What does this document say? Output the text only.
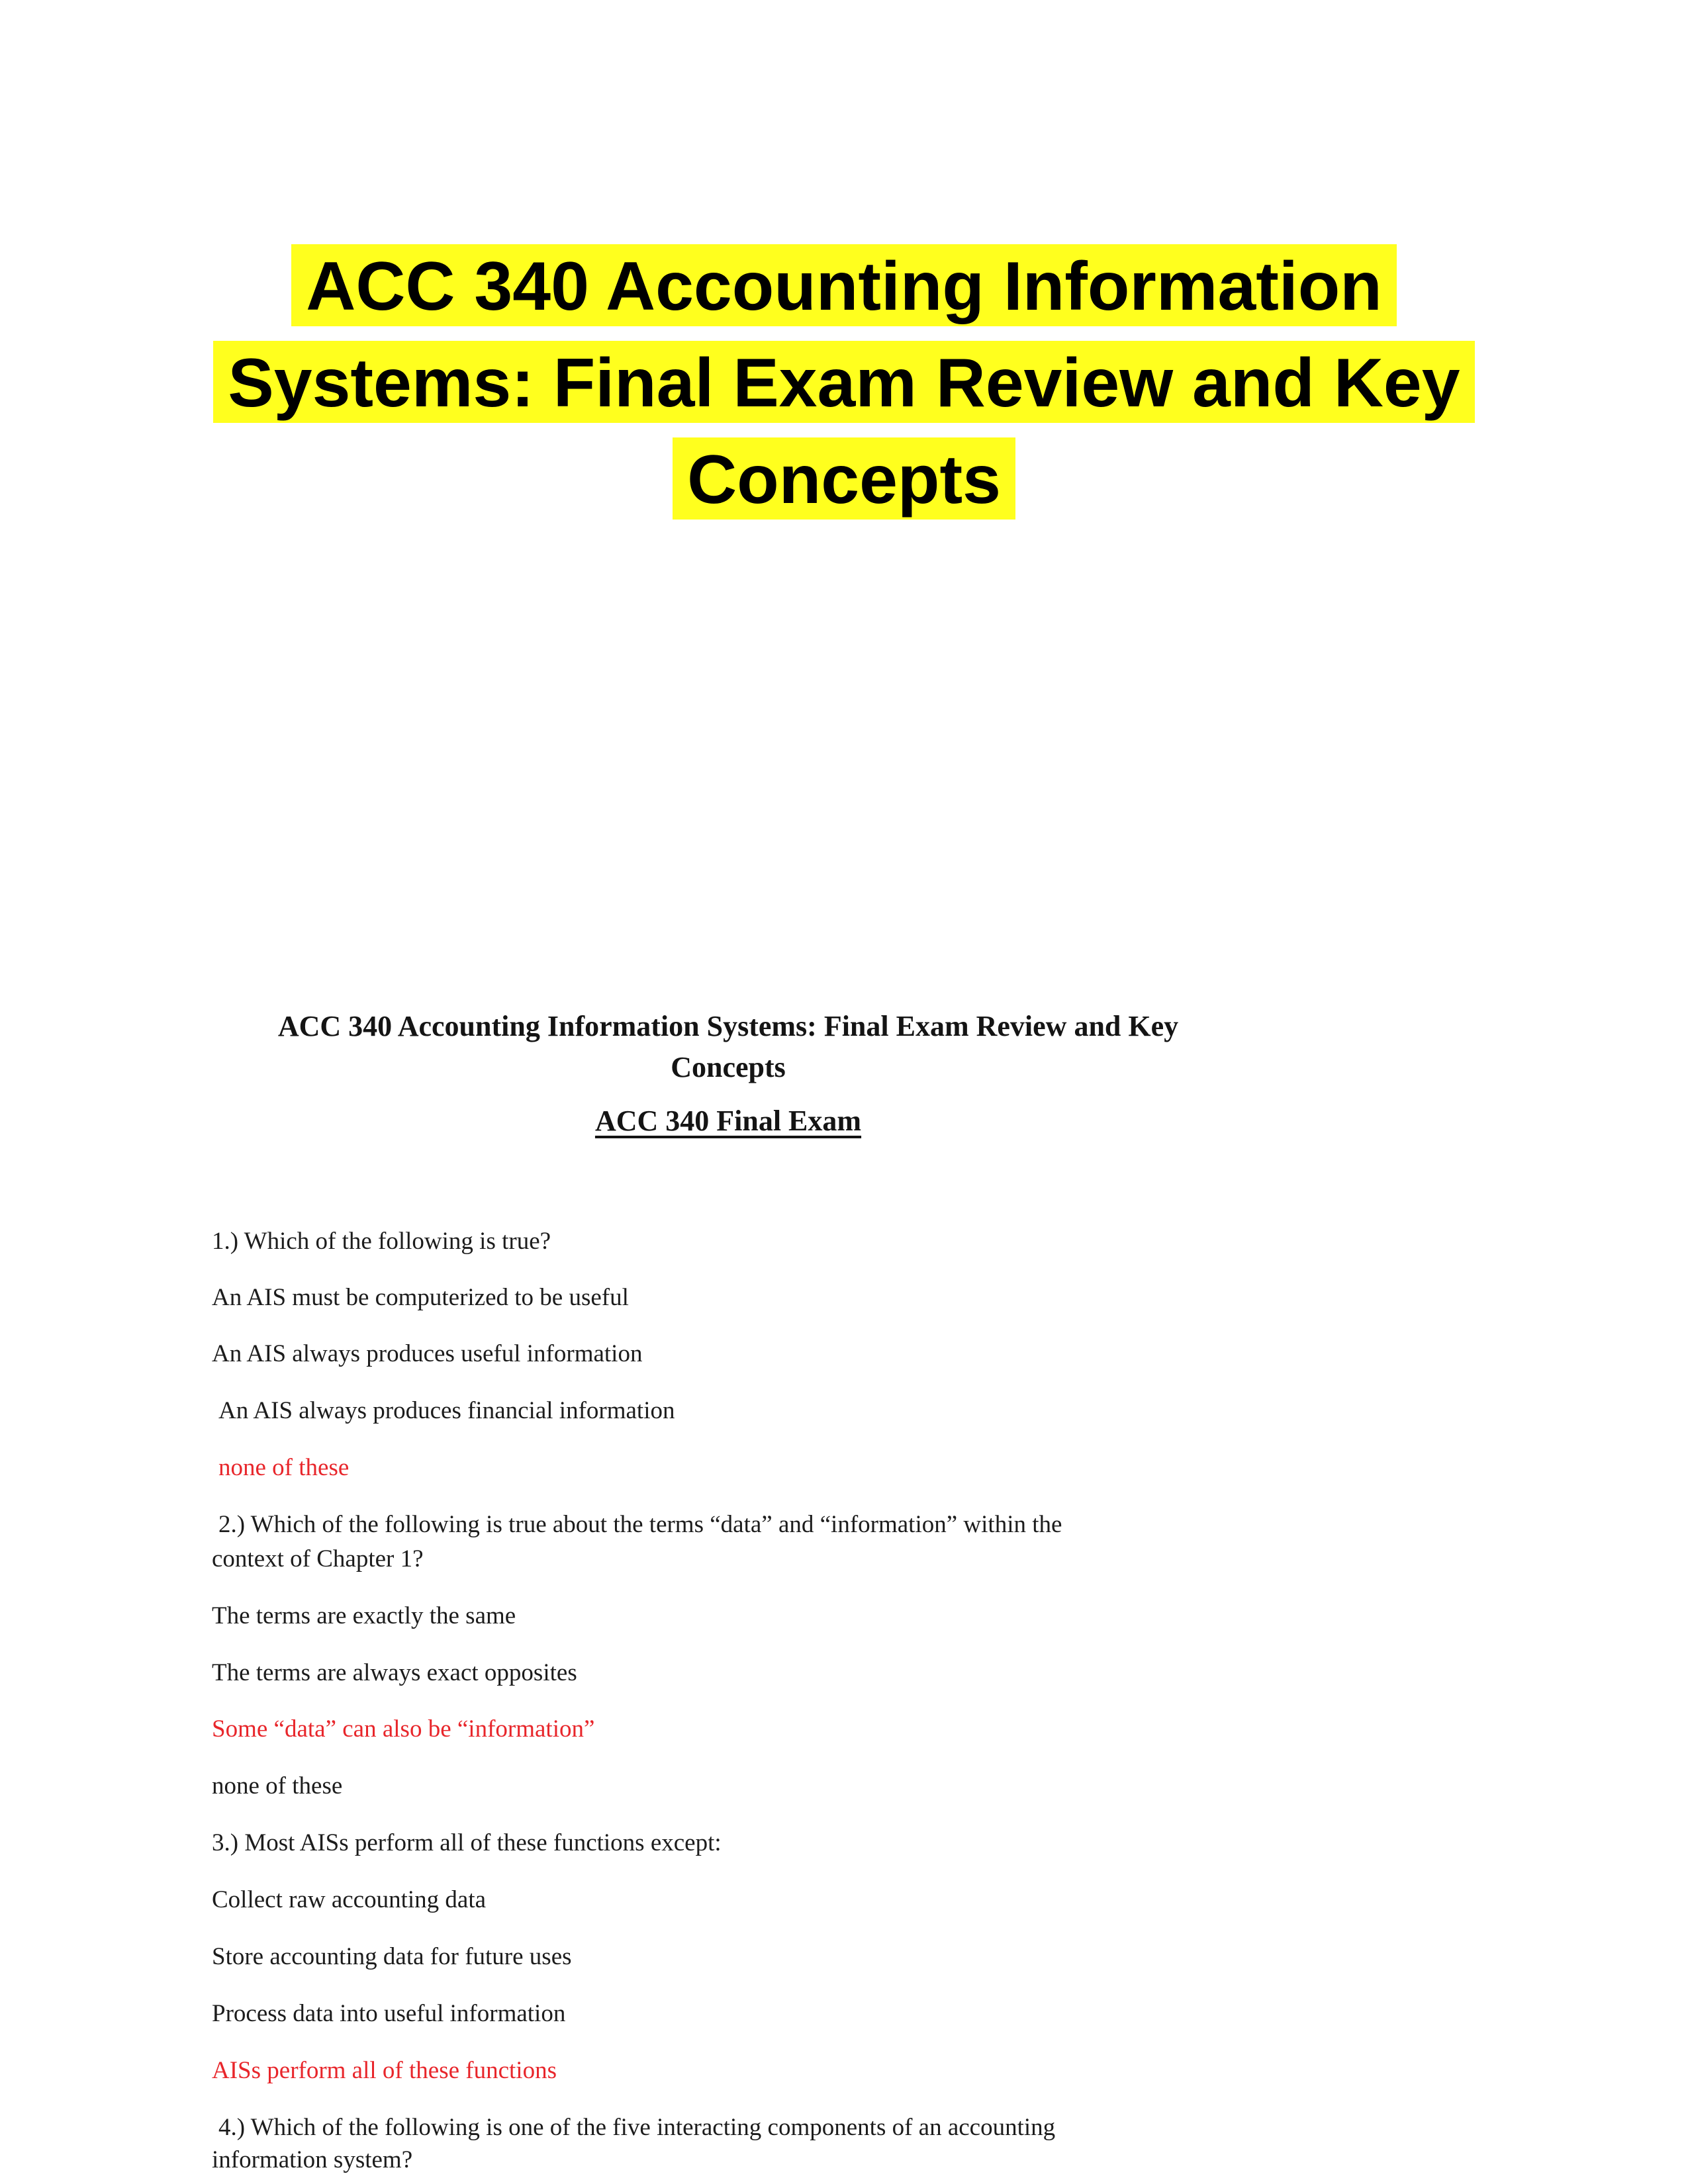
ACC 340 Accounting Information
Systems: Final Exam Review and Key
Concepts
ACC 340 Accounting Information Systems: Final Exam Review and Key
Concepts
ACC 340 Final Exam
1.) Which of the following is true?
An AIS must be computerized to be useful
An AIS always produces useful information
An AIS always produces financial information
none of these
2.) Which of the following is true about the terms “data” and “information” within the
context of Chapter 1?
The terms are exactly the same
The terms are always exact opposites
Some “data” can also be “information”
none of these
3.) Most AISs perform all of these functions except:
Collect raw accounting data
Store accounting data for future uses
Process data into useful information
AISs perform all of these functions
4.) Which of the following is one of the five interacting components of an accounting
information system?
